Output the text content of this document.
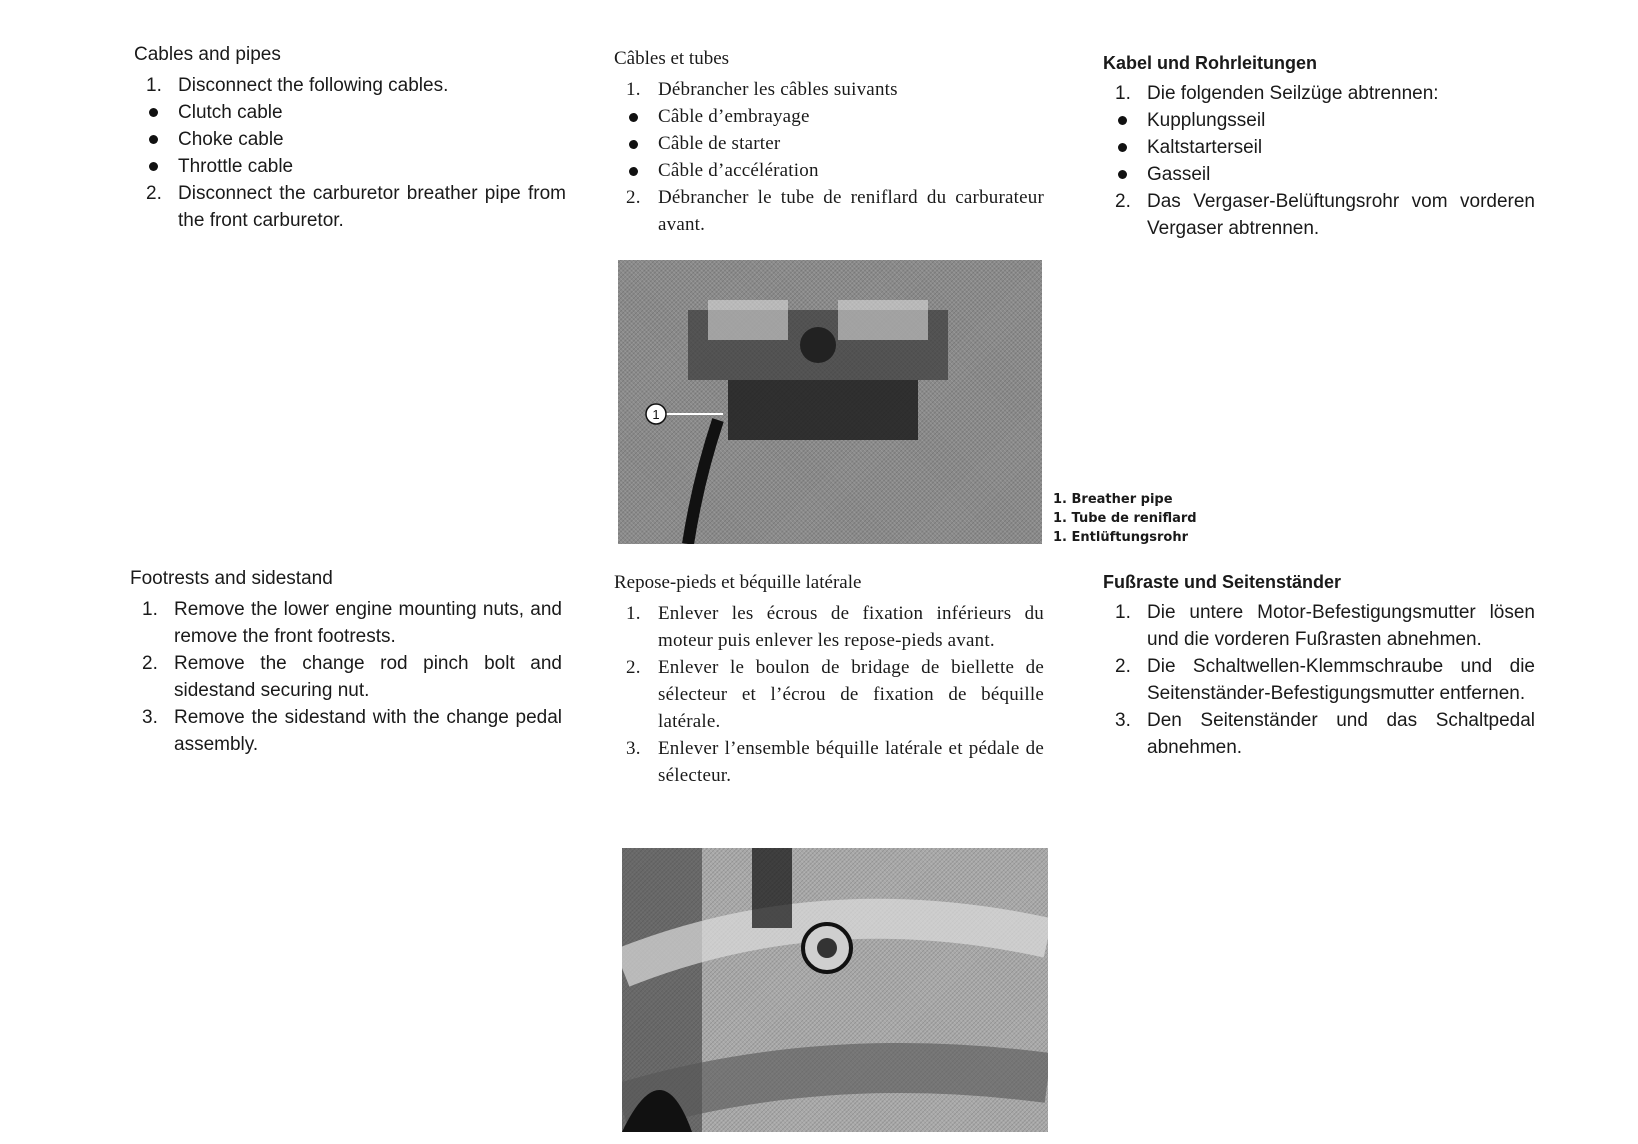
Cables and pipes
1. Disconnect the following cables.
Clutch cable
Choke cable
Throttle cable
2. Disconnect the carburetor breather pipe from the front carburetor.
Câbles et tubes
1. Débrancher les câbles suivants
Câble d’embrayage
Câble de starter
Câble d’accélération
2. Débrancher le tube de reniflard du carburateur avant.
Kabel und Rohrleitungen
1. Die folgenden Seilzüge abtrennen:
Kupplungsseil
Kaltstarterseil
Gasseil
2. Das Vergaser-Belüftungsrohr vom vorderen Vergaser abtrennen.
1
1. Breather pipe
1. Tube de reniflard
1. Entlüftungsrohr
Footrests and sidestand
1. Remove the lower engine mounting nuts, and remove the front footrests.
2. Remove the change rod pinch bolt and sidestand securing nut.
3. Remove the sidestand with the change pedal assembly.
Repose-pieds et béquille latérale
1. Enlever les écrous de fixation inférieurs du moteur puis enlever les repose-pieds avant.
2. Enlever le boulon de bridage de biellette de sélecteur et l’écrou de fixation de béquille latérale.
3. Enlever l’ensemble béquille latérale et pédale de sélecteur.
Fußraste und Seitenständer
1. Die untere Motor-Befestigungsmutter lösen und die vorderen Fußrasten abnehmen.
2. Die Schaltwellen-Klemmschraube und die Seitenständer-Befestigungsmutter entfernen.
3. Den Seitenständer und das Schaltpedal abnehmen.
